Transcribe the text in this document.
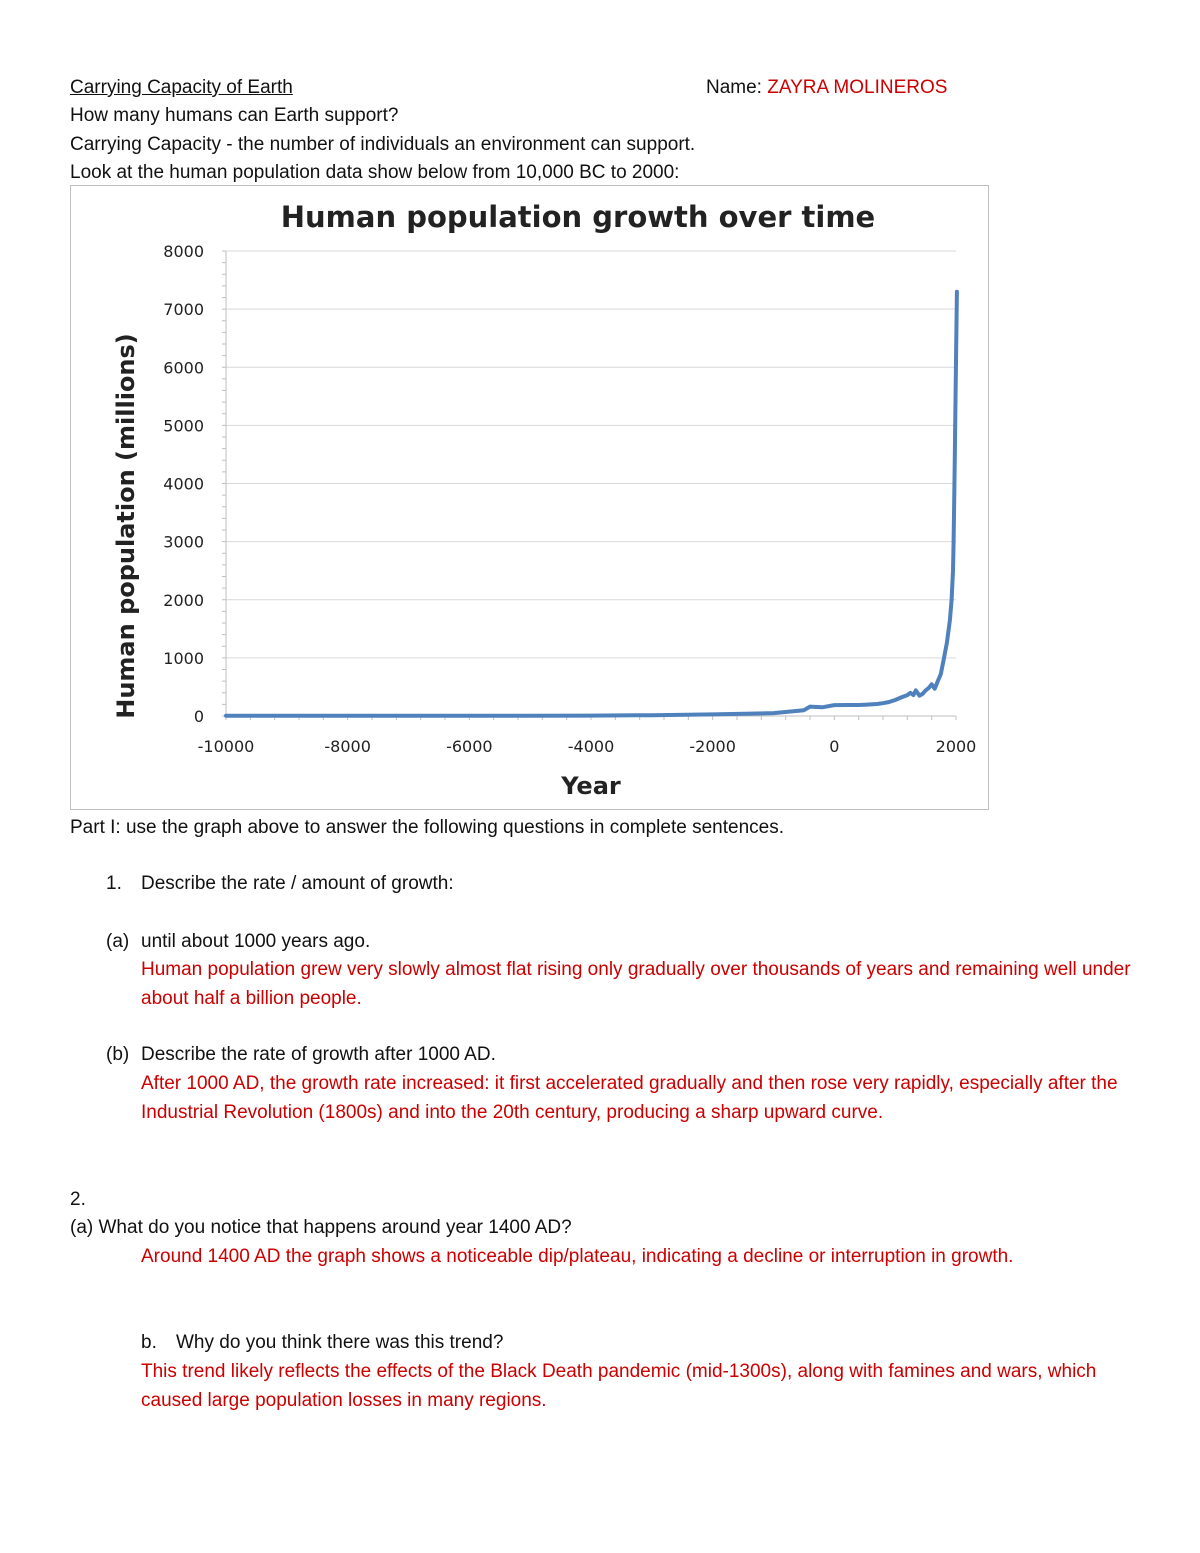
Carrying Capacity of Earth	Name: ZAYRA MOLINEROS
How many humans can Earth support?
Carrying Capacity - the number of individuals an environment can support.
Look at the human population data show below from 10,000 BC to 2000:
Human population growth over time
Human population (millions)
Year
0
1000
2000
3000
4000
5000
6000
7000
8000
-10000	-8000	-6000	-4000	-2000	0	2000
Part I: use the graph above to answer the following questions in complete sentences.
1. Describe the rate / amount of growth:
(a) until about 1000 years ago.
Human population grew very slowly almost flat rising only gradually over thousands of years and remaining well under about half a billion people.
(b) Describe the rate of growth after 1000 AD.
After 1000 AD, the growth rate increased: it first accelerated gradually and then rose very rapidly, especially after the Industrial Revolution (1800s) and into the 20th century, producing a sharp upward curve.
2.
(a) What do you notice that happens around year 1400 AD?
Around 1400 AD the graph shows a noticeable dip/plateau, indicating a decline or interruption in growth.
b. Why do you think there was this trend?
This trend likely reflects the effects of the Black Death pandemic (mid-1300s), along with famines and wars, which caused large population losses in many regions.
